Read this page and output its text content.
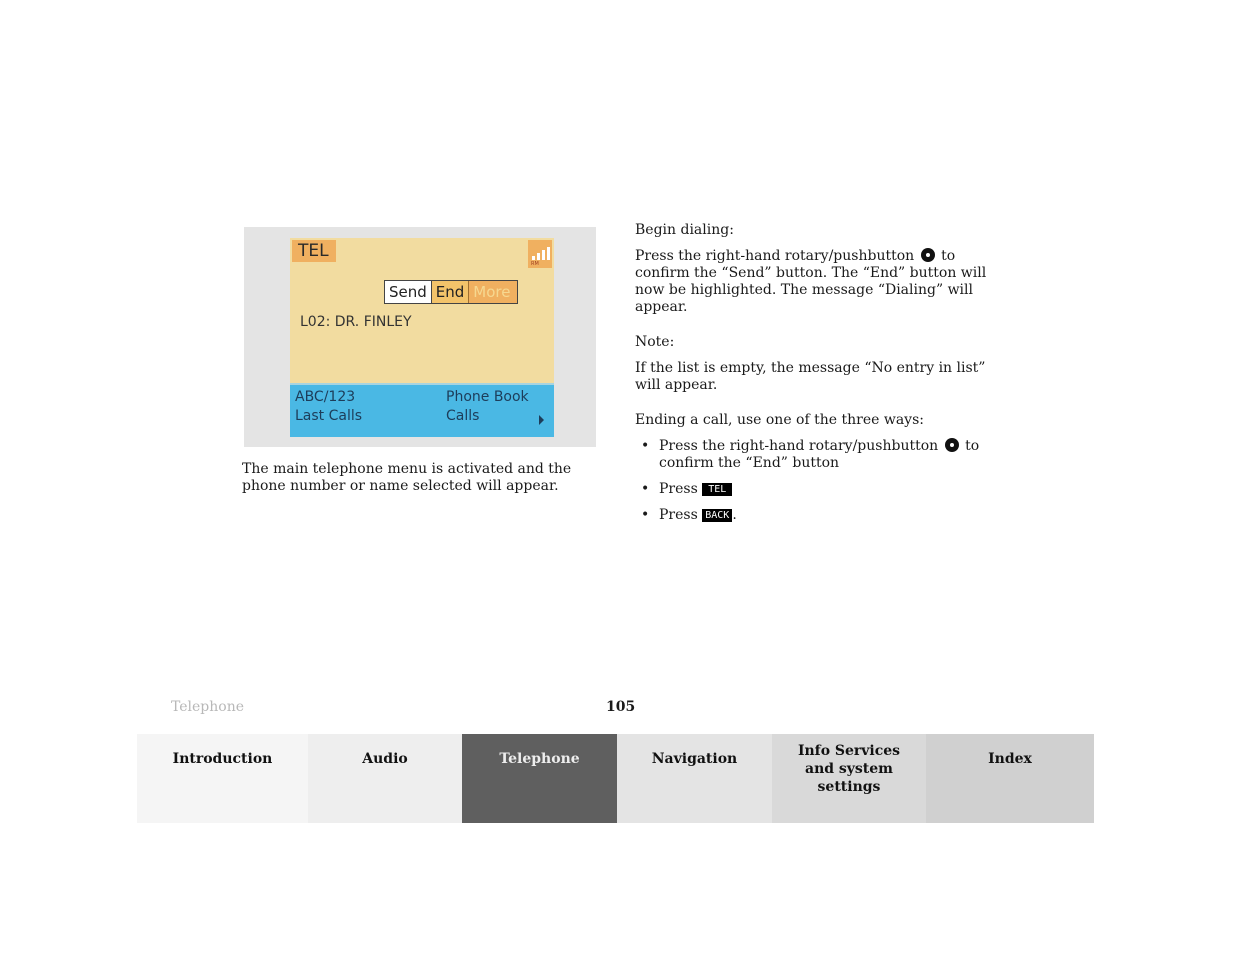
TEL
RM
Send End More
L02: DR. FINLEY
ABC/123
Last Calls
Phone Book
Calls
The main telephone menu is activated and the phone number or name selected will appear.

Begin dialing:

Press the right-hand rotary/pushbutton to confirm the “Send” button. The “End” button will now be highlighted. The message “Dialing” will appear.

Note:

If the list is empty, the message “No entry in list” will appear.

Ending a call, use one of the three ways:

• Press the right-hand rotary/pushbutton to confirm the “End” button
• Press TEL
• Press BACK .
Telephone	105
Introduction	Audio	Telephone	Navigation	Info Services and system settings
Index
